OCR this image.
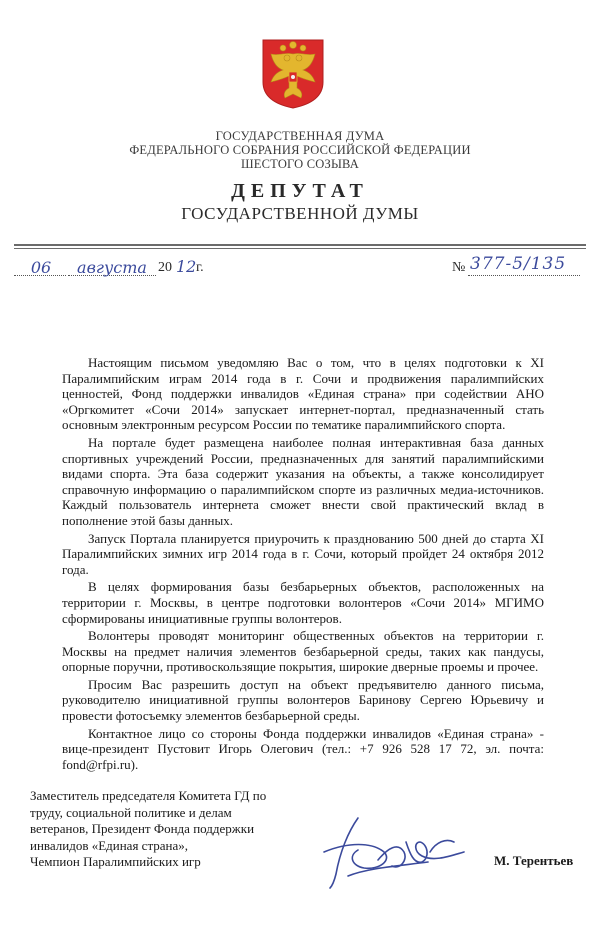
ГОСУДАРСТВЕННАЯ ДУМА
ФЕДЕРАЛЬНОГО СОБРАНИЯ РОССИЙСКОЙ ФЕДЕРАЦИИ
ШЕСТОГО СОЗЫВА
ДЕПУТАТ
ГОСУДАРСТВЕННОЙ ДУМЫ
06	августа 20 12 г.	№ 377-5/135

Настоящим письмом уведомляю Вас о том, что в целях подготовки к XI Паралимпийским играм 2014 года в г. Сочи и продвижения паралимпийских ценностей, Фонд поддержки инвалидов «Единая страна» при содействии АНО «Оргкомитет «Сочи 2014» запускает интернет-портал, предназначенный стать основным электронным ресурсом России по тематике паралимпийского спорта.

На портале будет размещена наиболее полная интерактивная база данных спортивных учреждений России, предназначенных для занятий паралимпийскими видами спорта. Эта база содержит указания на объекты, а также консолидирует справочную информацию о паралимпийском спорте из различных медиа-источников. Каждый пользователь интернета сможет внести свой практический вклад в пополнение этой базы данных.

Запуск Портала планируется приурочить к празднованию 500 дней до старта XI Паралимпийских зимних игр 2014 года в г. Сочи, который пройдет 24 октября 2012 года.

В целях формирования базы безбарьерных объектов, расположенных на территории г. Москвы, в центре подготовки волонтеров «Сочи 2014» МГИМО сформированы инициативные группы волонтеров.

Волонтеры проводят мониторинг общественных объектов на территории г. Москвы на предмет наличия элементов безбарьерной среды, таких как пандусы, опорные поручни, противоскользящие покрытия, широкие дверные проемы и прочее.

Просим Вас разрешить доступ на объект предъявителю данного письма, руководителю инициативной группы волонтеров Баринову Сергею Юрьевичу и провести фотосъемку элементов безбарьерной среды.

Контактное лицо со стороны Фонда поддержки инвалидов «Единая страна» - вице-президент Пустовит Игорь Олегович (тел.: +7 926 528 17 72, эл. почта: fond@rfpi.ru).

Заместитель председателя Комитета ГД по
труду, социальной политике и делам
ветеранов, Президент Фонда поддержки
инвалидов «Единая страна»,
Чемпион Паралимпийских игр	М. Терентьев
